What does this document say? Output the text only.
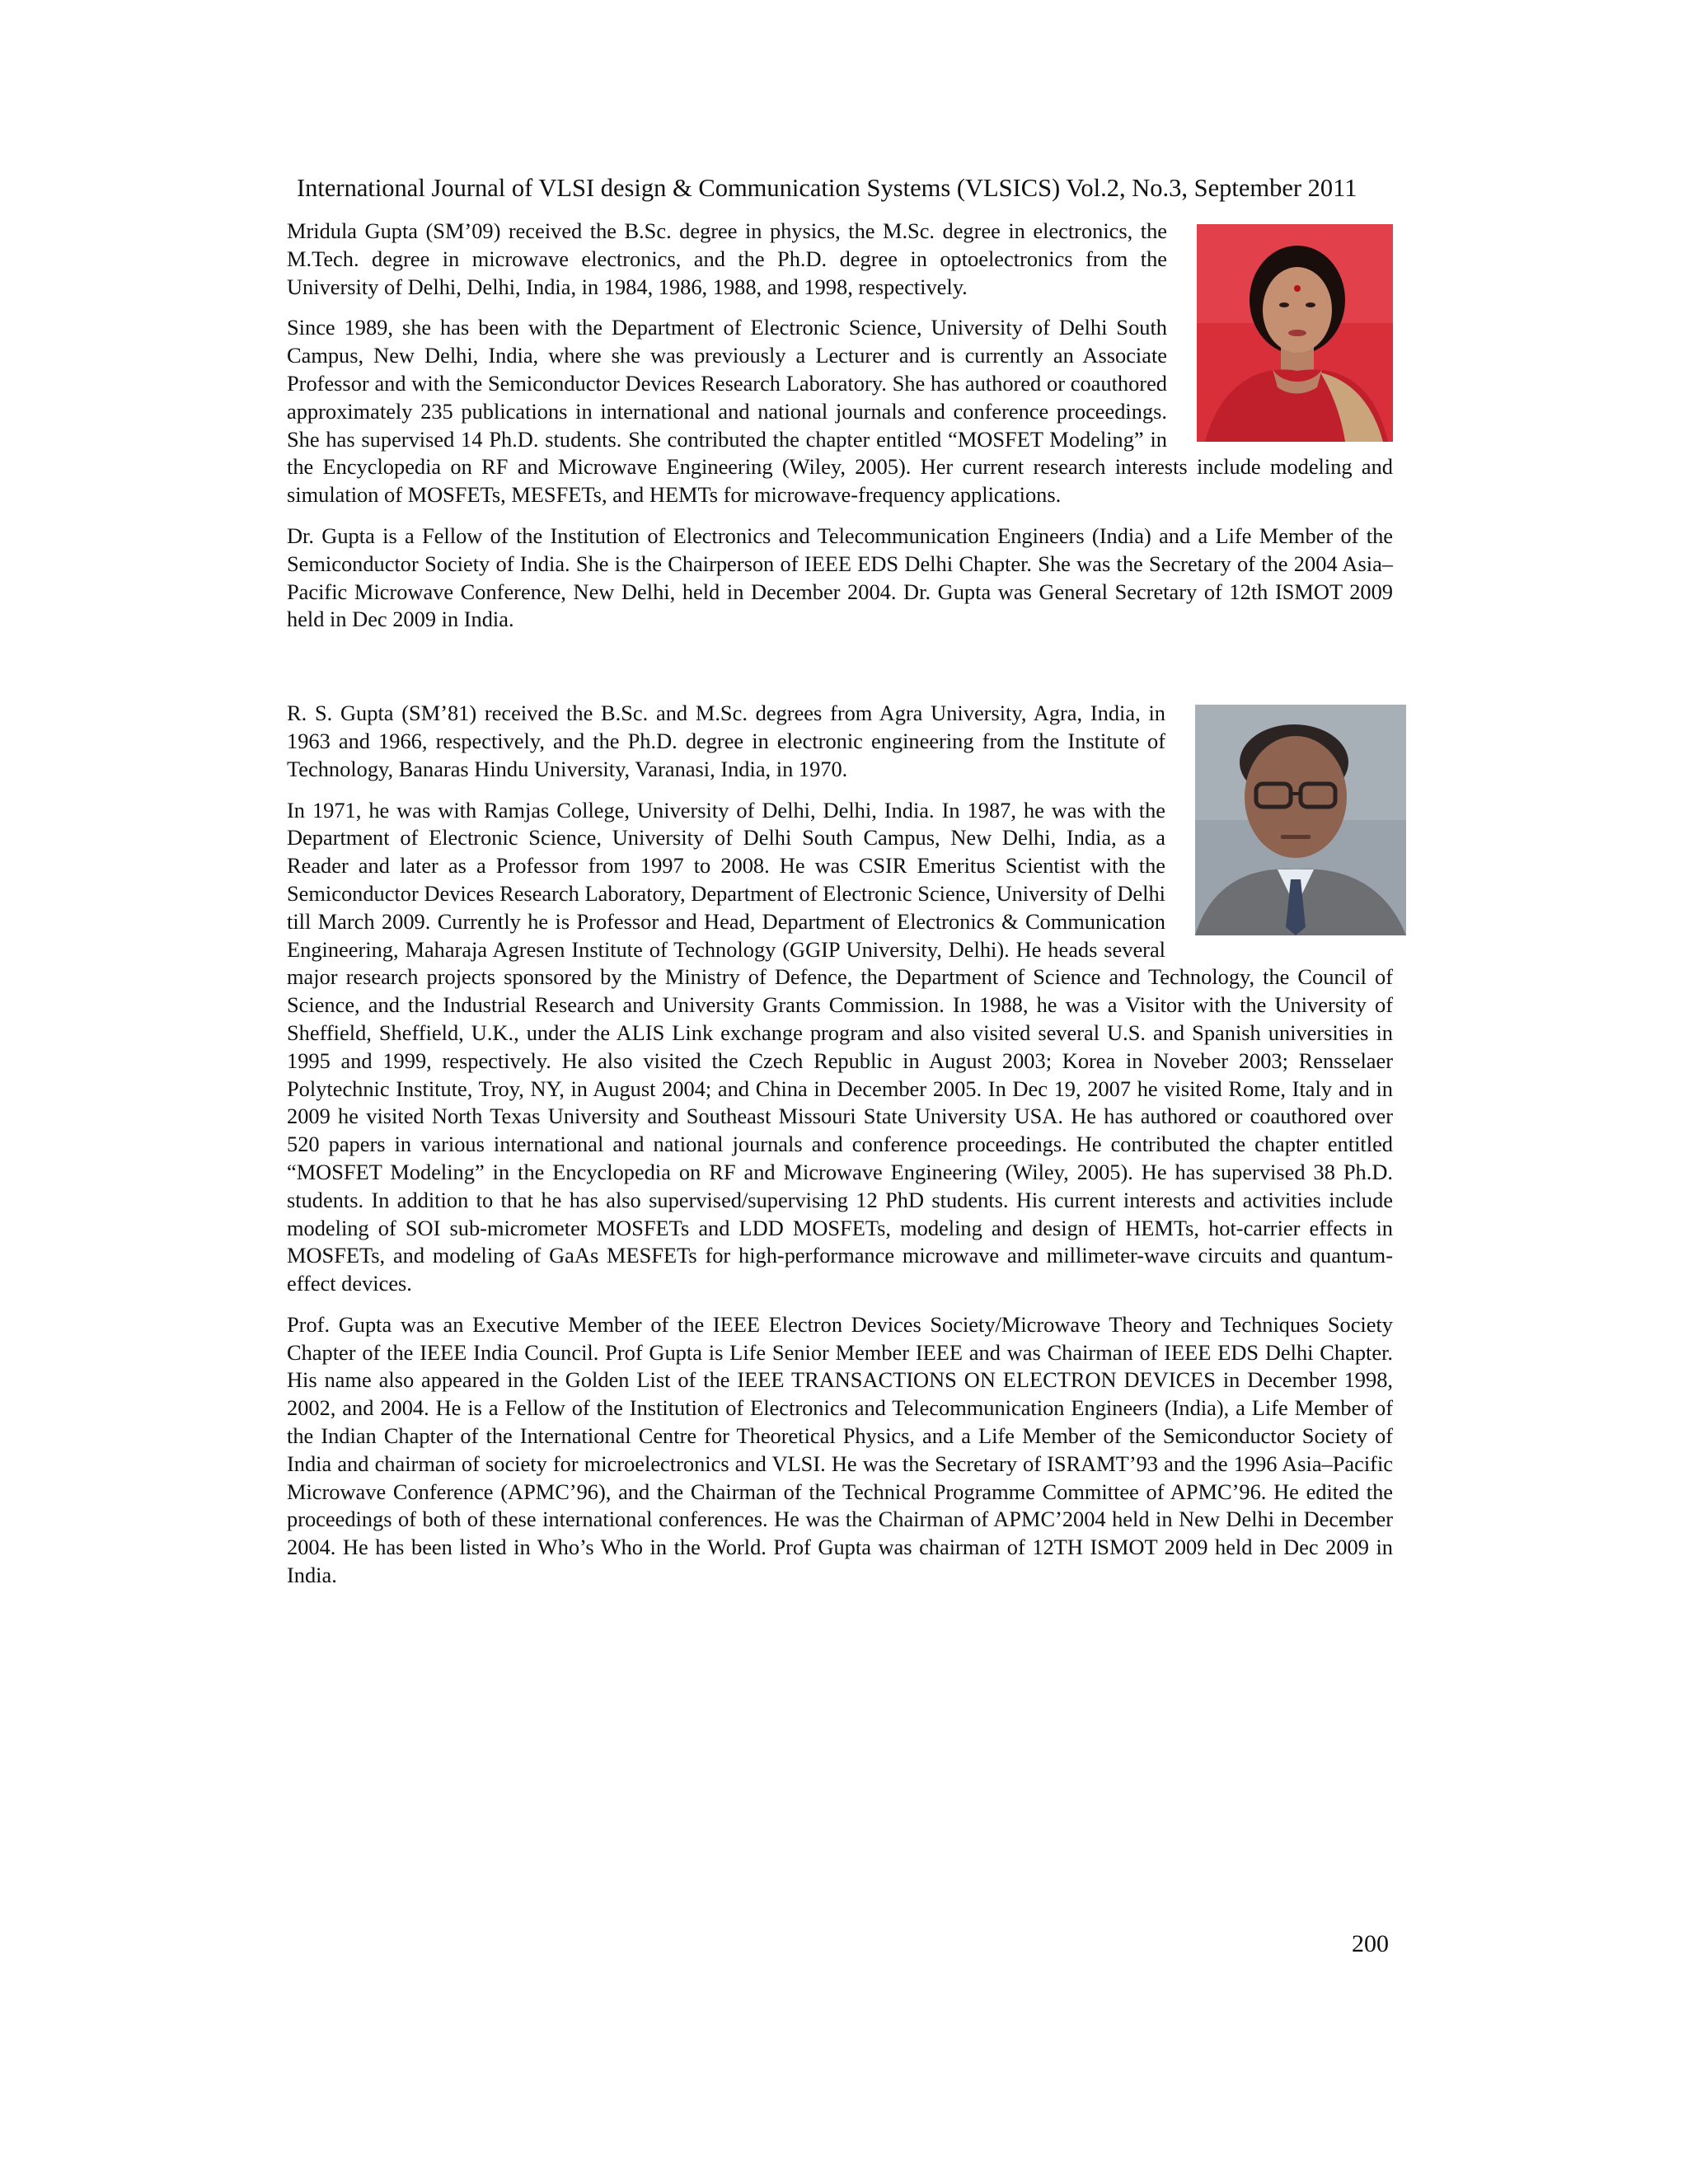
International Journal of VLSI design & Communication Systems (VLSICS) Vol.2, No.3, September 2011

Mridula Gupta (SM’09) received the B.Sc. degree in physics, the M.Sc. degree in electronics, the M.Tech. degree in microwave electronics, and the Ph.D. degree in optoelectronics from the University of Delhi, Delhi, India, in 1984, 1986, 1988, and 1998, respectively.

Since 1989, she has been with the Department of Electronic Science, University of Delhi South Campus, New Delhi, India, where she was previously a Lecturer and is currently an Associate Professor and with the Semiconductor Devices Research Laboratory. She has authored or coauthored approximately 235 publications in international and national journals and conference proceedings. She has supervised 14 Ph.D. students. She contributed the chapter entitled “MOSFET Modeling” in the Encyclopedia on RF and Microwave Engineering (Wiley, 2005). Her current research interests include modeling and simulation of MOSFETs, MESFETs, and HEMTs for microwave-frequency applications.

Dr. Gupta is a Fellow of the Institution of Electronics and Telecommunication Engineers (India) and a Life Member of the Semiconductor Society of India. She is the Chairperson of IEEE EDS Delhi Chapter. She was the Secretary of the 2004 Asia–Pacific Microwave Conference, New Delhi, held in December 2004. Dr. Gupta was General Secretary of 12th ISMOT 2009 held in Dec 2009 in India.

R. S. Gupta (SM’81) received the B.Sc. and M.Sc. degrees from Agra University, Agra, India, in 1963 and 1966, respectively, and the Ph.D. degree in electronic engineering from the Institute of Technology, Banaras Hindu University, Varanasi, India, in 1970.

In 1971, he was with Ramjas College, University of Delhi, Delhi, India. In 1987, he was with the Department of Electronic Science, University of Delhi South Campus, New Delhi, India, as a Reader and later as a Professor from 1997 to 2008. He was CSIR Emeritus Scientist with the Semiconductor Devices Research Laboratory, Department of Electronic Science, University of Delhi till March 2009. Currently he is Professor and Head, Department of Electronics & Communication Engineering, Maharaja Agresen Institute of Technology (GGIP University, Delhi). He heads several major research projects sponsored by the Ministry of Defence, the Department of Science and Technology, the Council of Science, and the Industrial Research and University Grants Commission. In 1988, he was a Visitor with the University of Sheffield, Sheffield, U.K., under the ALIS Link exchange program and also visited several U.S. and Spanish universities in 1995 and 1999, respectively. He also visited the Czech Republic in August 2003; Korea in Noveber 2003; Rensselaer Polytechnic Institute, Troy, NY, in August 2004; and China in December 2005. In Dec 19, 2007 he visited Rome, Italy and in 2009 he visited North Texas University and Southeast Missouri State University USA. He has authored or coauthored over 520 papers in various international and national journals and conference proceedings. He contributed the chapter entitled “MOSFET Modeling” in the Encyclopedia on RF and Microwave Engineering (Wiley, 2005). He has supervised 38 Ph.D. students. In addition to that he has also supervised/supervising 12 PhD students. His current interests and activities include modeling of SOI sub-micrometer MOSFETs and LDD MOSFETs, modeling and design of HEMTs, hot-carrier effects in MOSFETs, and modeling of GaAs MESFETs for high-performance microwave and millimeter-wave circuits and quantum-effect devices.

Prof. Gupta was an Executive Member of the IEEE Electron Devices Society/Microwave Theory and Techniques Society Chapter of the IEEE India Council. Prof Gupta is Life Senior Member IEEE and was Chairman of IEEE EDS Delhi Chapter. His name also appeared in the Golden List of the IEEE TRANSACTIONS ON ELECTRON DEVICES in December 1998, 2002, and 2004. He is a Fellow of the Institution of Electronics and Telecommunication Engineers (India), a Life Member of the Indian Chapter of the International Centre for Theoretical Physics, and a Life Member of the Semiconductor Society of India and chairman of society for microelectronics and VLSI. He was the Secretary of ISRAMT’93 and the 1996 Asia–Pacific Microwave Conference (APMC’96), and the Chairman of the Technical Programme Committee of APMC’96. He edited the proceedings of both of these international conferences. He was the Chairman of APMC’2004 held in New Delhi in December 2004. He has been listed in Who’s Who in the World. Prof Gupta was chairman of 12TH ISMOT 2009 held in Dec 2009 in India.

200
